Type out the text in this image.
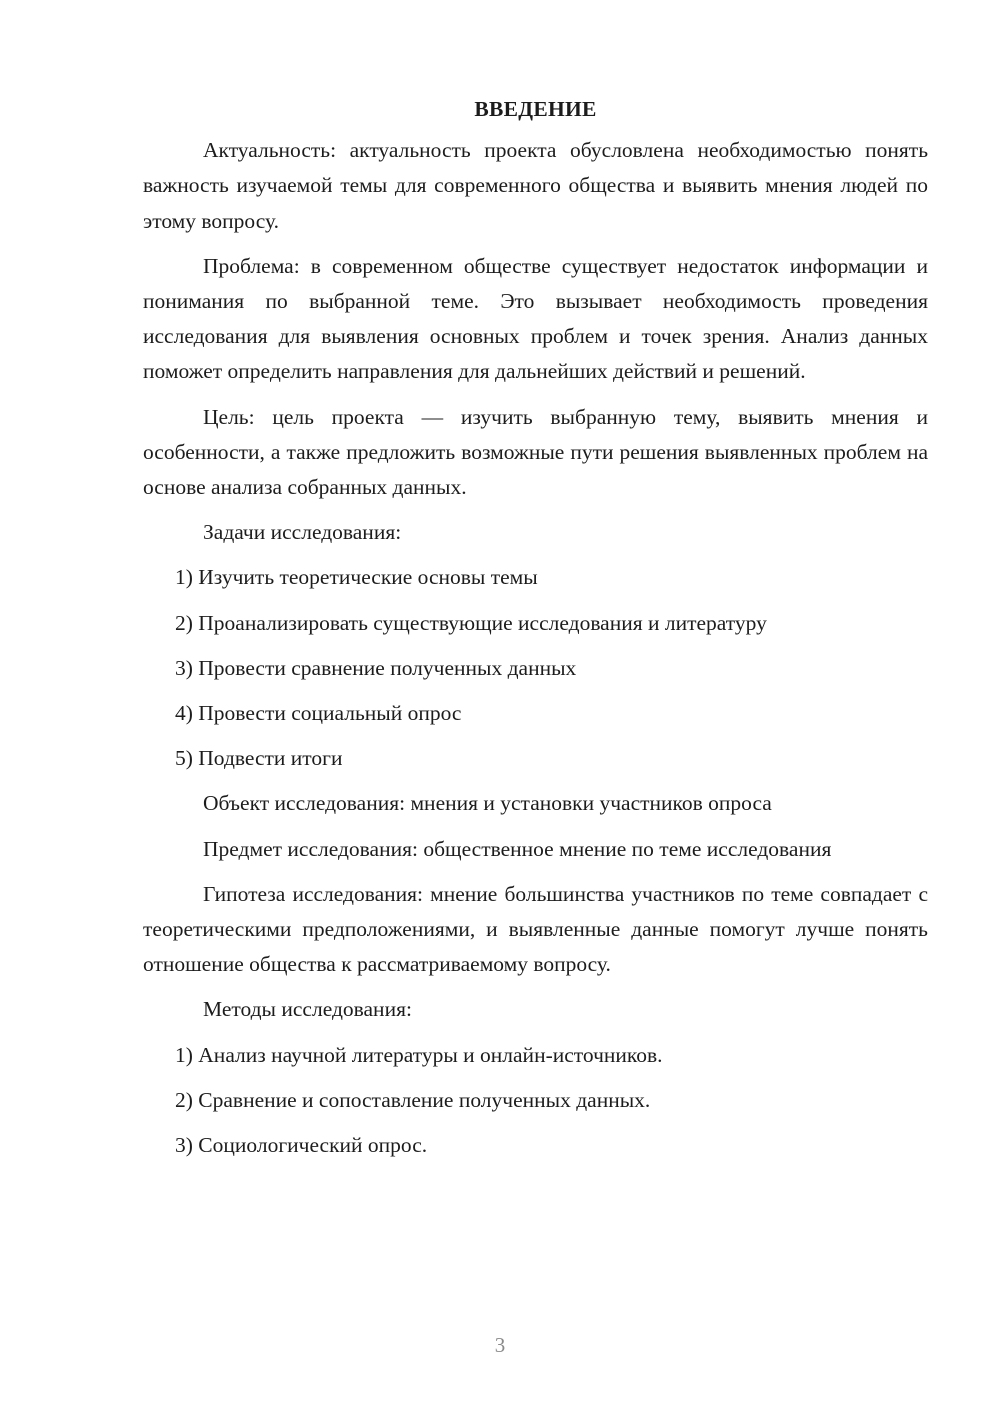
ВВЕДЕНИЕ

Актуальность: актуальность проекта обусловлена необходимостью понять важность изучаемой темы для современного общества и выявить мнения людей по этому вопросу.

Проблема: в современном обществе существует недостаток информации и понимания по выбранной теме. Это вызывает необходимость проведения исследования для выявления основных проблем и точек зрения. Анализ данных поможет определить направления для дальнейших действий и решений.

Цель: цель проекта — изучить выбранную тему, выявить мнения и особенности, а также предложить возможные пути решения выявленных проблем на основе анализа собранных данных.

Задачи исследования:

1) Изучить теоретические основы темы

2) Проанализировать существующие исследования и литературу

3) Провести сравнение полученных данных

4) Провести социальный опрос

5) Подвести итоги

Объект исследования: мнения и установки участников опроса

Предмет исследования: общественное мнение по теме исследования

Гипотеза исследования: мнение большинства участников по теме совпадает с теоретическими предположениями, и выявленные данные помогут лучше понять отношение общества к рассматриваемому вопросу.

Методы исследования:

1) Анализ научной литературы и онлайн-источников.

2) Сравнение и сопоставление полученных данных.

3) Социологический опрос.

3
